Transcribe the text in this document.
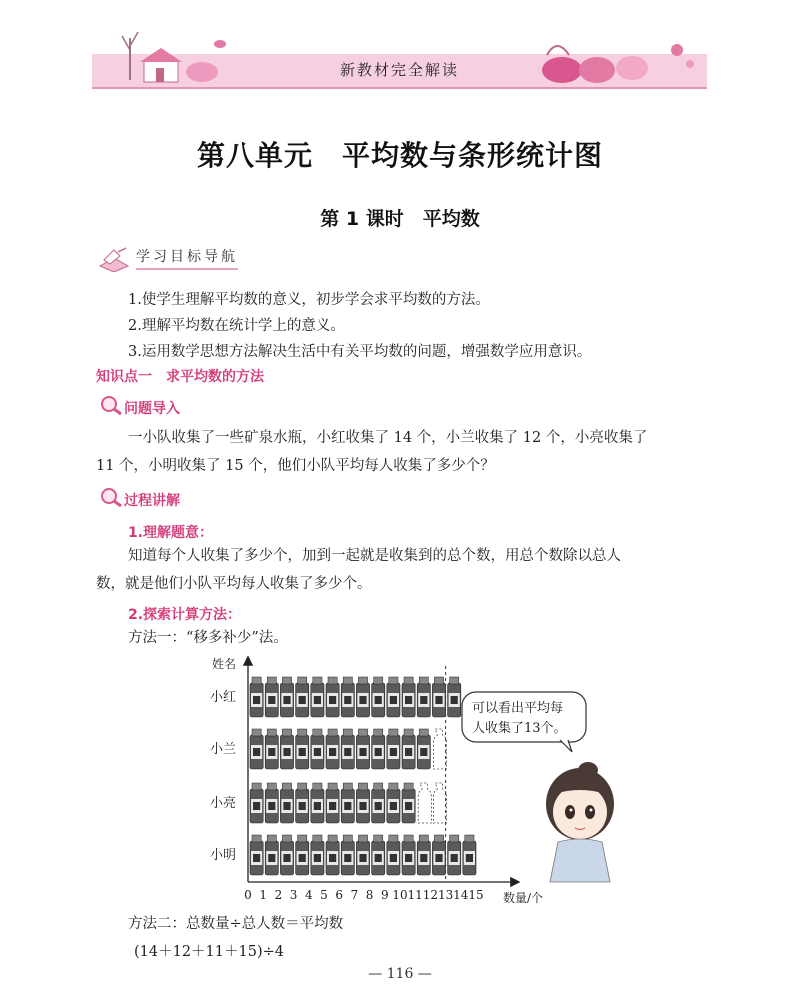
新教材完全解读
第八单元　平均数与条形统计图
第 1 课时　平均数
学习目标导航
1.使学生理解平均数的意义，初步学会求平均数的方法。
2.理解平均数在统计学上的意义。
3.运用数学思想方法解决生活中有关平均数的问题，增强数学应用意识。
知识点一　求平均数的方法
问题导入
一小队收集了一些矿泉水瓶，小红收集了 14 个，小兰收集了 12 个，小亮收集了
11 个，小明收集了 15 个，他们小队平均每人收集了多少个？
过程讲解
1.理解题意：
知道每个人收集了多少个，加到一起就是收集到的总个数，用总个数除以总人
数，就是他们小队平均每人收集了多少个。
2.探索计算方法：
方法一：“移多补少”法。
0 1 2 3 4 5 6 7 8 9 10 11 12 13 14 15 数量/个
姓名
小红
小兰
小亮
小明
可以看出平均每
人收集了13个。
方法二：总数量÷总人数＝平均数
(14＋12＋11＋15)÷4
— 116 —
